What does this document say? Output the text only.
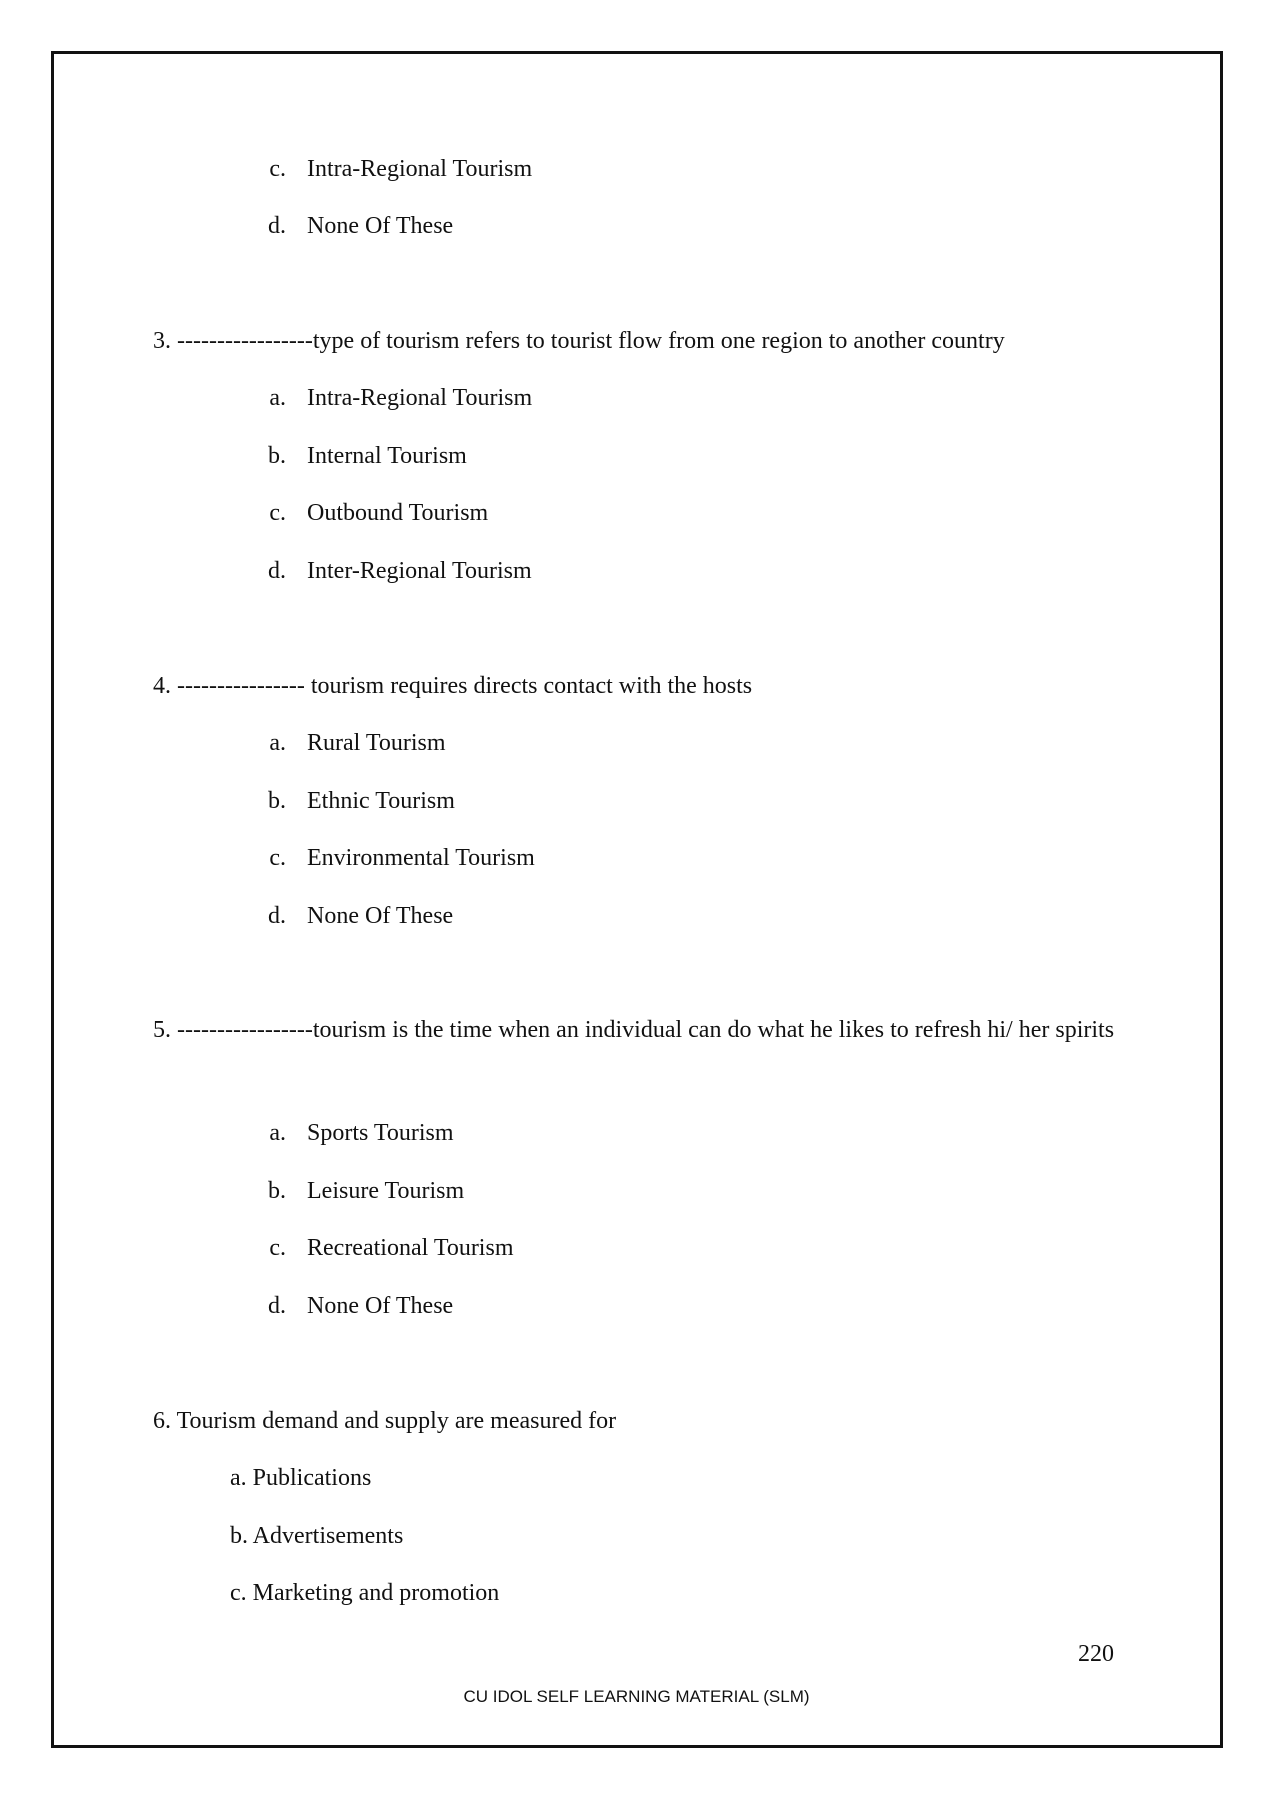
c. Intra-Regional Tourism
d. None Of These
3. -----------------type of tourism refers to tourist flow from one region to another country
a. Intra-Regional Tourism
b. Internal Tourism
c. Outbound Tourism
d. Inter-Regional Tourism
4. ---------------- tourism requires directs contact with the hosts
a. Rural Tourism
b. Ethnic Tourism
c. Environmental Tourism
d. None Of These
5. -----------------tourism is the time when an individual can do what he likes to refresh hi/ her spirits
a. Sports Tourism
b. Leisure Tourism
c. Recreational Tourism
d. None Of These
6. Tourism demand and supply are measured for
a. Publications
b. Advertisements
c. Marketing and promotion
220
CU IDOL SELF LEARNING MATERIAL (SLM)
